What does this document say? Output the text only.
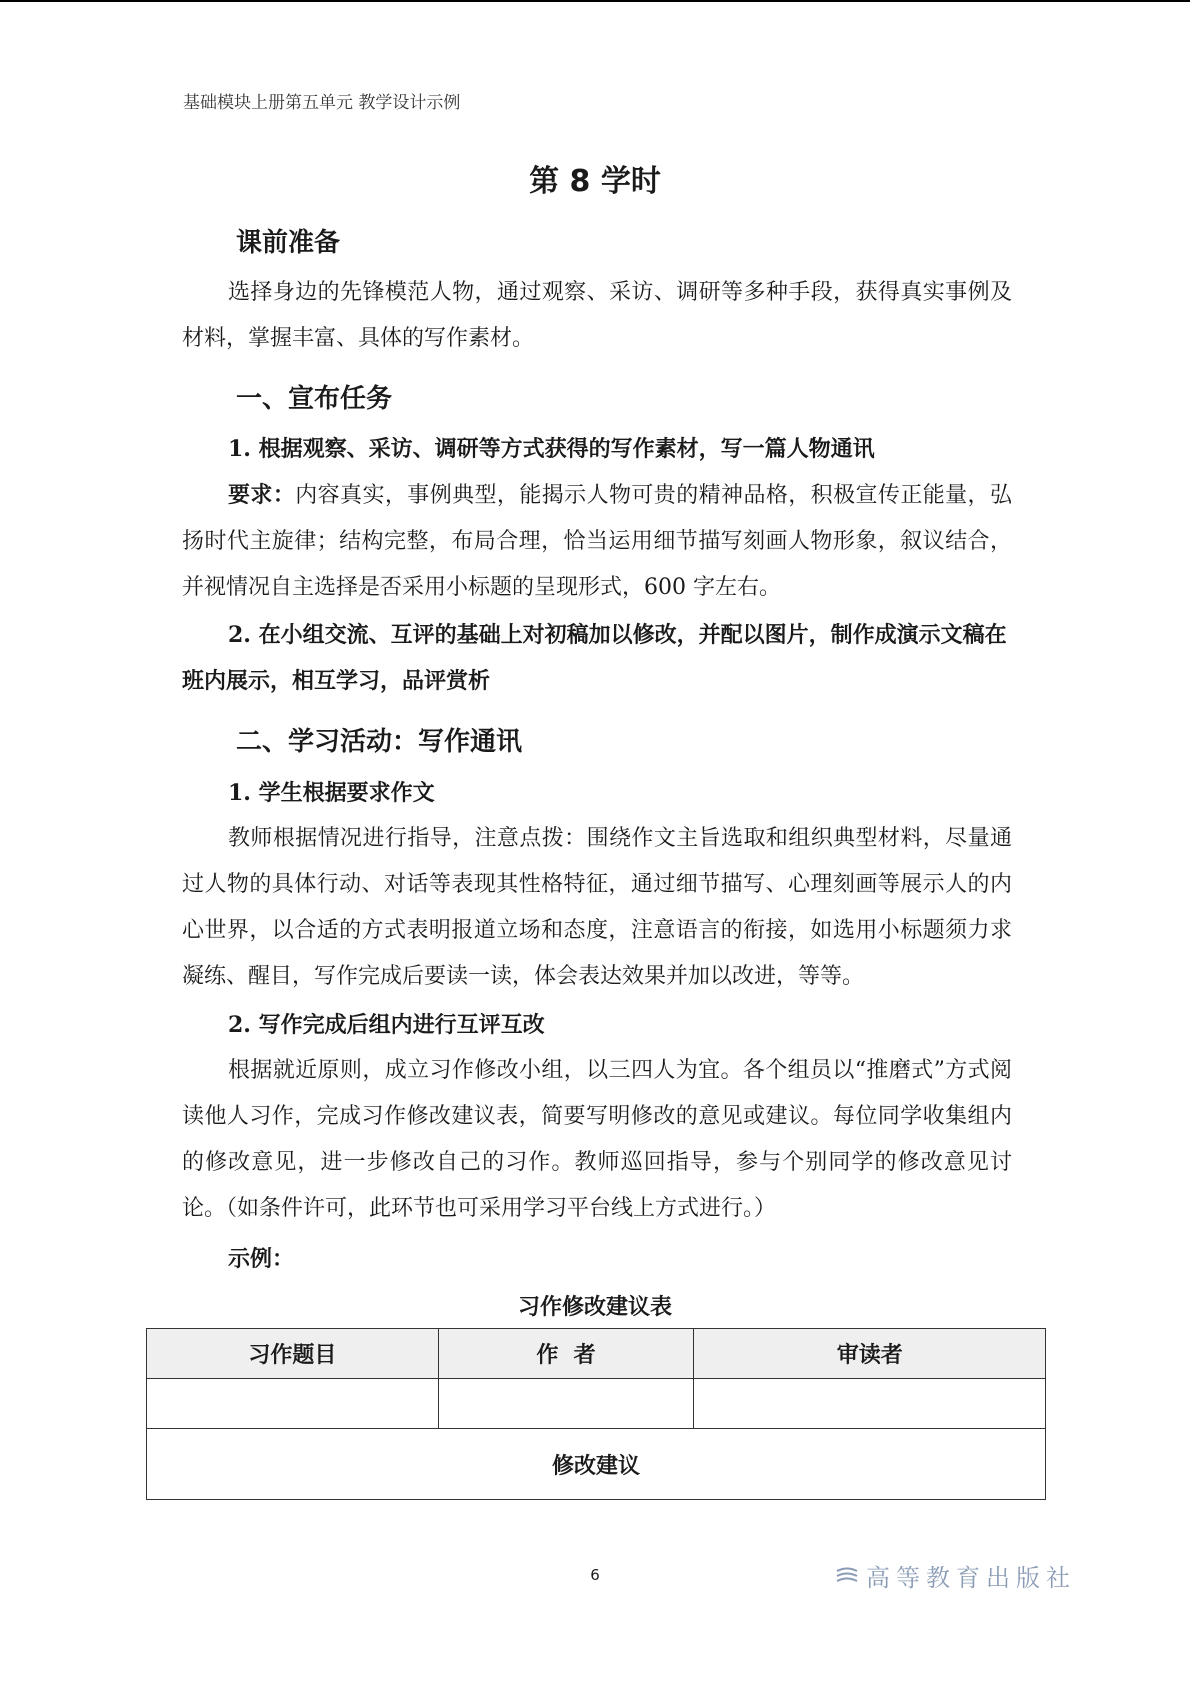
基础模块上册第五单元 教学设计示例
第 8 学时
课前准备
选择身边的先锋模范人物，通过观察、采访、调研等多种手段，获得真实事例及材料，掌握丰富、具体的写作素材。
一、宣布任务
1. 根据观察、采访、调研等方式获得的写作素材，写一篇人物通讯
要求：内容真实，事例典型，能揭示人物可贵的精神品格，积极宣传正能量，弘扬时代主旋律；结构完整，布局合理，恰当运用细节描写刻画人物形象，叙议结合，并视情况自主选择是否采用小标题的呈现形式，600 字左右。
2. 在小组交流、互评的基础上对初稿加以修改，并配以图片，制作成演示文稿在班内展示，相互学习，品评赏析
二、学习活动：写作通讯
1. 学生根据要求作文
教师根据情况进行指导，注意点拨：围绕作文主旨选取和组织典型材料，尽量通过人物的具体行动、对话等表现其性格特征，通过细节描写、心理刻画等展示人的内心世界，以合适的方式表明报道立场和态度，注意语言的衔接，如选用小标题须力求凝练、醒目，写作完成后要读一读，体会表达效果并加以改进，等等。
2. 写作完成后组内进行互评互改
根据就近原则，成立习作修改小组，以三四人为宜。各个组员以“推磨式”方式阅读他人习作，完成习作修改建议表，简要写明修改的意见或建议。每位同学收集组内的修改意见，进一步修改自己的习作。教师巡回指导，参与个别同学的修改意见讨论。（如条件许可，此环节也可采用学习平台线上方式进行。）
示例：
习作修改建议表
习作题目	作  者	审读者

修改建议		
6	高等教育出版社
